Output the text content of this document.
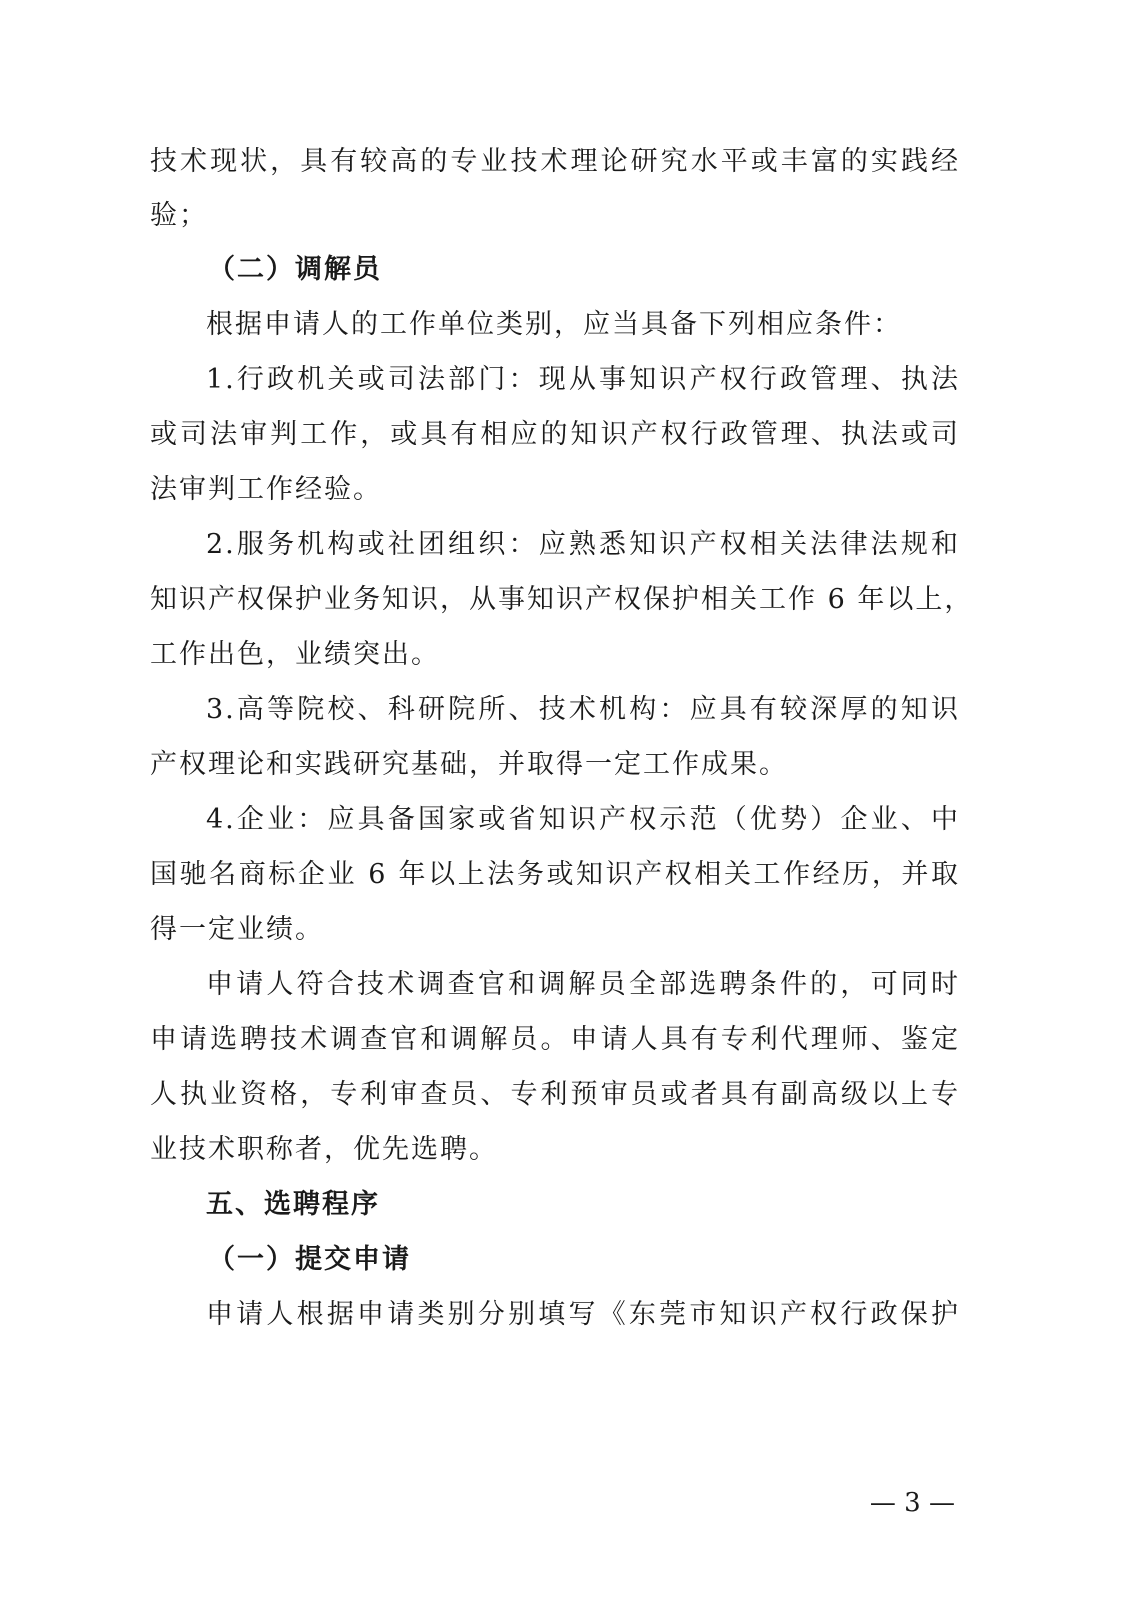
技术现状，具有较高的专业技术理论研究水平或丰富的实践经
验；
（二）调解员
根据申请人的工作单位类别，应当具备下列相应条件：
1.行政机关或司法部门：现从事知识产权行政管理、执法
或司法审判工作，或具有相应的知识产权行政管理、执法或司
法审判工作经验。
2.服务机构或社团组织：应熟悉知识产权相关法律法规和
知识产权保护业务知识，从事知识产权保护相关工作 6 年以上，
工作出色，业绩突出。
3.高等院校、科研院所、技术机构：应具有较深厚的知识
产权理论和实践研究基础，并取得一定工作成果。
4.企业：应具备国家或省知识产权示范（优势）企业、中
国驰名商标企业 6 年以上法务或知识产权相关工作经历，并取
得一定业绩。
申请人符合技术调查官和调解员全部选聘条件的，可同时
申请选聘技术调查官和调解员。申请人具有专利代理师、鉴定
人执业资格，专利审查员、专利预审员或者具有副高级以上专
业技术职称者，优先选聘。
五、选聘程序
（一）提交申请
申请人根据申请类别分别填写《东莞市知识产权行政保护
— 3 —
